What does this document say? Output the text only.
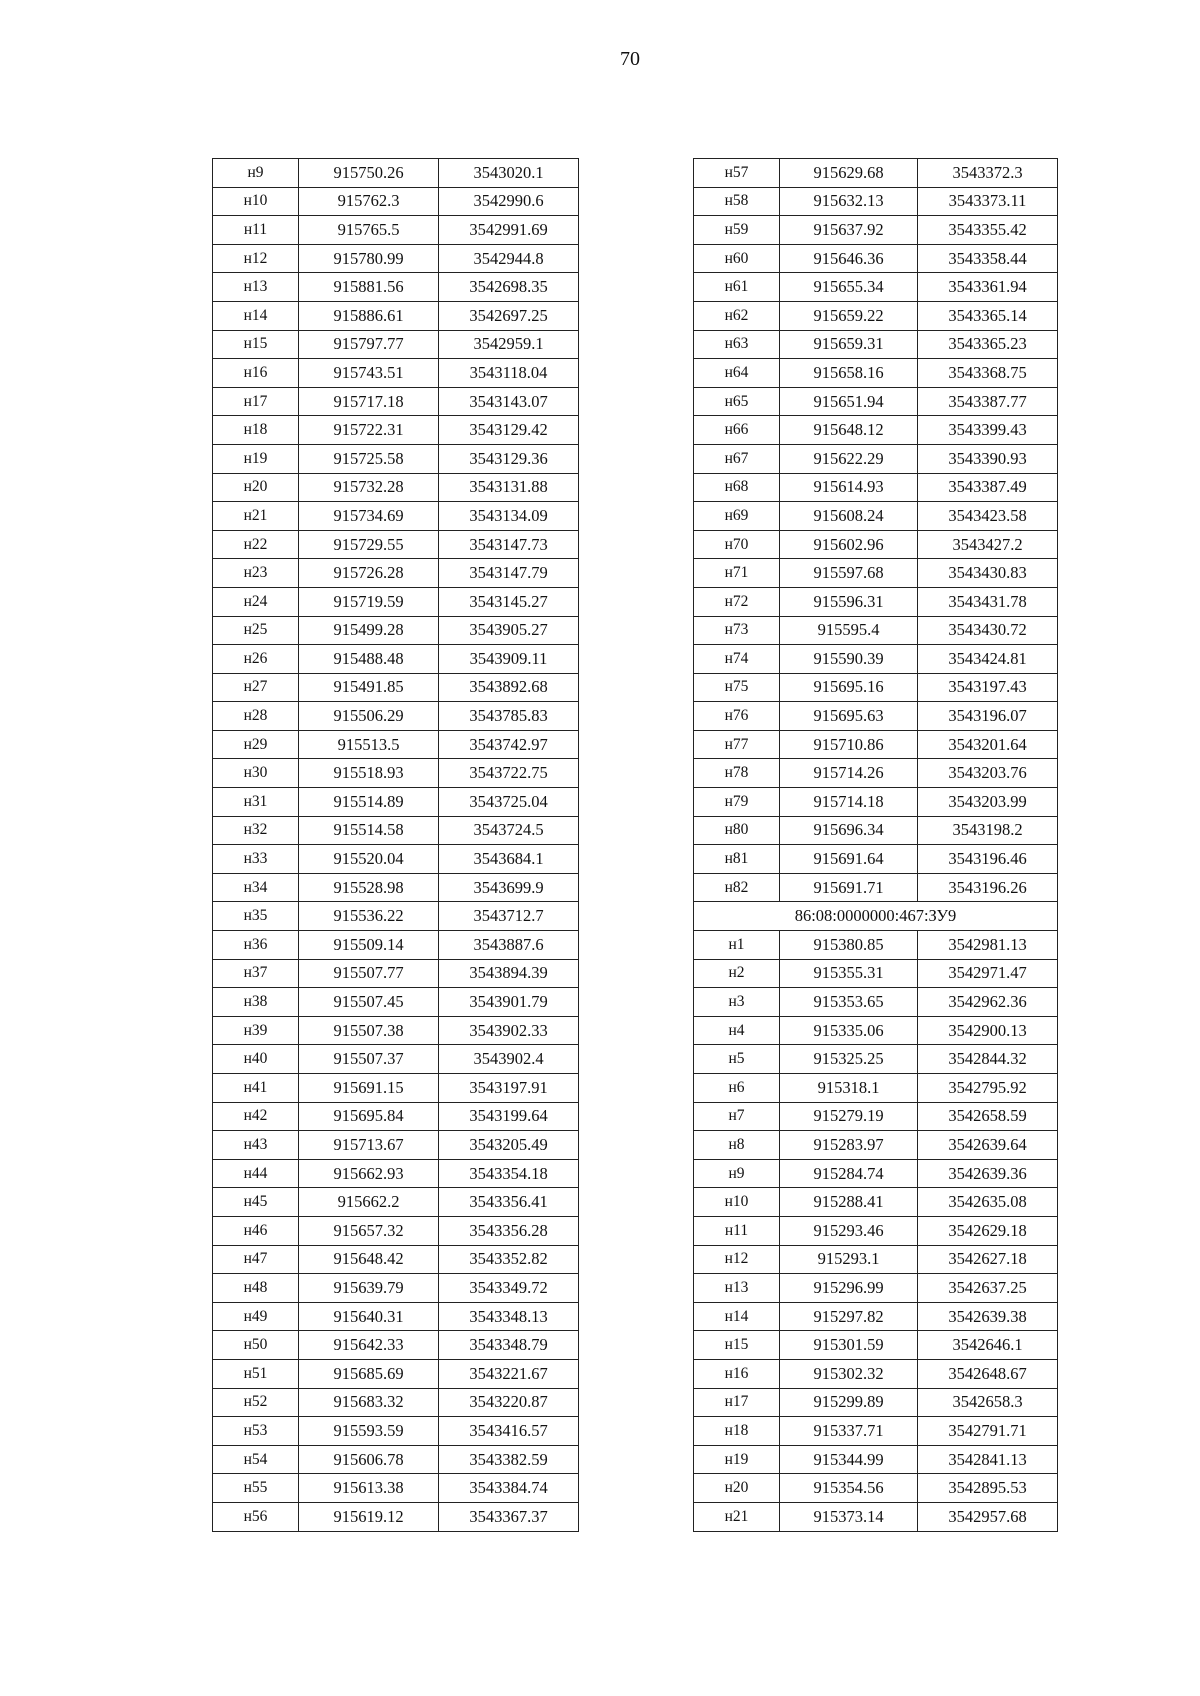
70
н9	915750.26	3543020.1
н10	915762.3	3542990.6
н11	915765.5	3542991.69
н12	915780.99	3542944.8
н13	915881.56	3542698.35
н14	915886.61	3542697.25
н15	915797.77	3542959.1
н16	915743.51	3543118.04
н17	915717.18	3543143.07
н18	915722.31	3543129.42
н19	915725.58	3543129.36
н20	915732.28	3543131.88
н21	915734.69	3543134.09
н22	915729.55	3543147.73
н23	915726.28	3543147.79
н24	915719.59	3543145.27
н25	915499.28	3543905.27
н26	915488.48	3543909.11
н27	915491.85	3543892.68
н28	915506.29	3543785.83
н29	915513.5	3543742.97
н30	915518.93	3543722.75
н31	915514.89	3543725.04
н32	915514.58	3543724.5
н33	915520.04	3543684.1
н34	915528.98	3543699.9
н35	915536.22	3543712.7
н36	915509.14	3543887.6
н37	915507.77	3543894.39
н38	915507.45	3543901.79
н39	915507.38	3543902.33
н40	915507.37	3543902.4
н41	915691.15	3543197.91
н42	915695.84	3543199.64
н43	915713.67	3543205.49
н44	915662.93	3543354.18
н45	915662.2	3543356.41
н46	915657.32	3543356.28
н47	915648.42	3543352.82
н48	915639.79	3543349.72
н49	915640.31	3543348.13
н50	915642.33	3543348.79
н51	915685.69	3543221.67
н52	915683.32	3543220.87
н53	915593.59	3543416.57
н54	915606.78	3543382.59
н55	915613.38	3543384.74
н56	915619.12	3543367.37
н57	915629.68	3543372.3
н58	915632.13	3543373.11
н59	915637.92	3543355.42
н60	915646.36	3543358.44
н61	915655.34	3543361.94
н62	915659.22	3543365.14
н63	915659.31	3543365.23
н64	915658.16	3543368.75
н65	915651.94	3543387.77
н66	915648.12	3543399.43
н67	915622.29	3543390.93
н68	915614.93	3543387.49
н69	915608.24	3543423.58
н70	915602.96	3543427.2
н71	915597.68	3543430.83
н72	915596.31	3543431.78
н73	915595.4	3543430.72
н74	915590.39	3543424.81
н75	915695.16	3543197.43
н76	915695.63	3543196.07
н77	915710.86	3543201.64
н78	915714.26	3543203.76
н79	915714.18	3543203.99
н80	915696.34	3543198.2
н81	915691.64	3543196.46
н82	915691.71	3543196.26
86:08:0000000:467:ЗУ9		
н1	915380.85	3542981.13
н2	915355.31	3542971.47
н3	915353.65	3542962.36
н4	915335.06	3542900.13
н5	915325.25	3542844.32
н6	915318.1	3542795.92
н7	915279.19	3542658.59
н8	915283.97	3542639.64
н9	915284.74	3542639.36
н10	915288.41	3542635.08
н11	915293.46	3542629.18
н12	915293.1	3542627.18
н13	915296.99	3542637.25
н14	915297.82	3542639.38
н15	915301.59	3542646.1
н16	915302.32	3542648.67
н17	915299.89	3542658.3
н18	915337.71	3542791.71
н19	915344.99	3542841.13
н20	915354.56	3542895.53
н21	915373.14	3542957.68
